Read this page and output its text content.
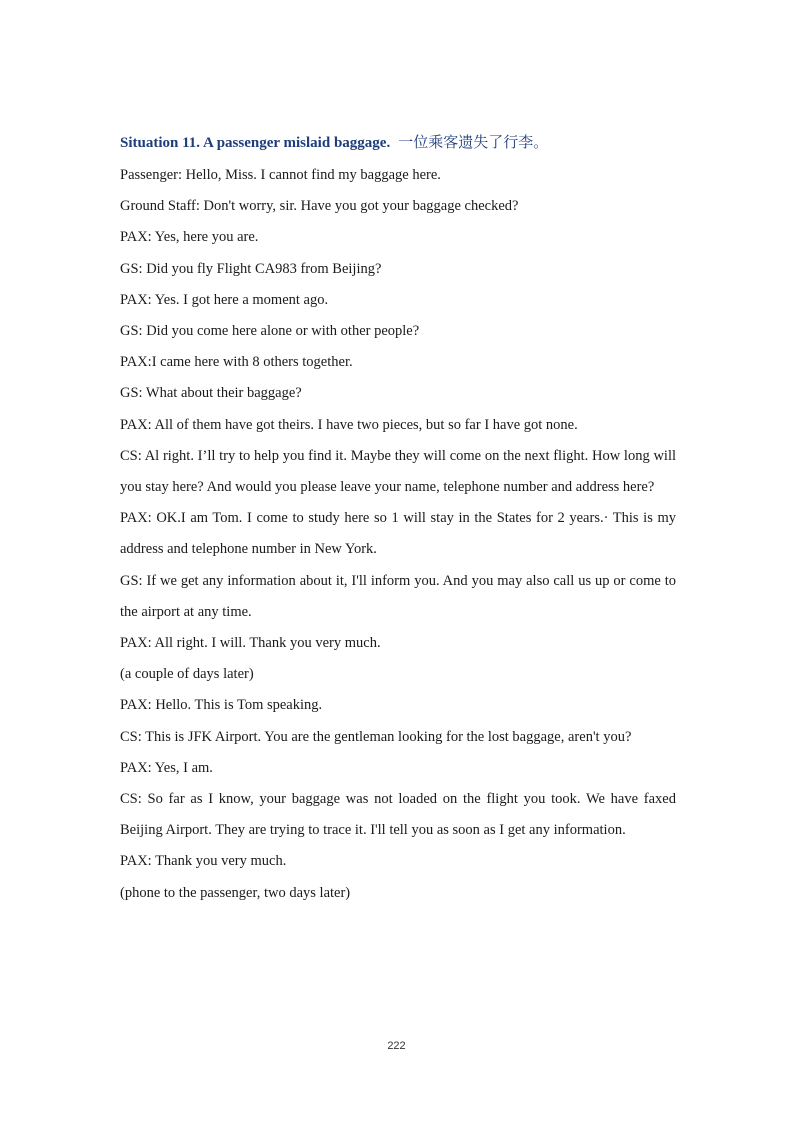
Situation 11. A passenger mislaid baggage. 一位乘客遗失了行李。
Passenger: Hello, Miss. I cannot find my baggage here.
Ground Staff: Don't worry, sir. Have you got your baggage checked?
PAX: Yes, here you are.
GS: Did you fly Flight CA983 from Beijing?
PAX: Yes. I got here a moment ago.
GS: Did you come here alone or with other people?
PAX:I came here with 8 others together.
GS: What about their baggage?
PAX: All of them have got theirs. I have two pieces, but so far I have got none.
CS: Al right. I’ll try to help you find it. Maybe they will come on the next flight. How long will you stay here? And would you please leave your name, telephone number and address here?
PAX: OK.I am Tom. I come to study here so 1 will stay in the States for 2 years.· This is my address and telephone number in New York.
GS: If we get any information about it, I'll inform you. And you may also call us up or come to the airport at any time.
PAX: All right. I will. Thank you very much.
(a couple of days later)
PAX: Hello. This is Tom speaking.
CS: This is JFK Airport. You are the gentleman looking for the lost baggage, aren't you?
PAX: Yes, I am.
CS: So far as I know, your baggage was not loaded on the flight you took. We have faxed Beijing Airport. They are trying to trace it. I'll tell you as soon as I get any information.
PAX: Thank you very much.
(phone to the passenger, two days later)
222
